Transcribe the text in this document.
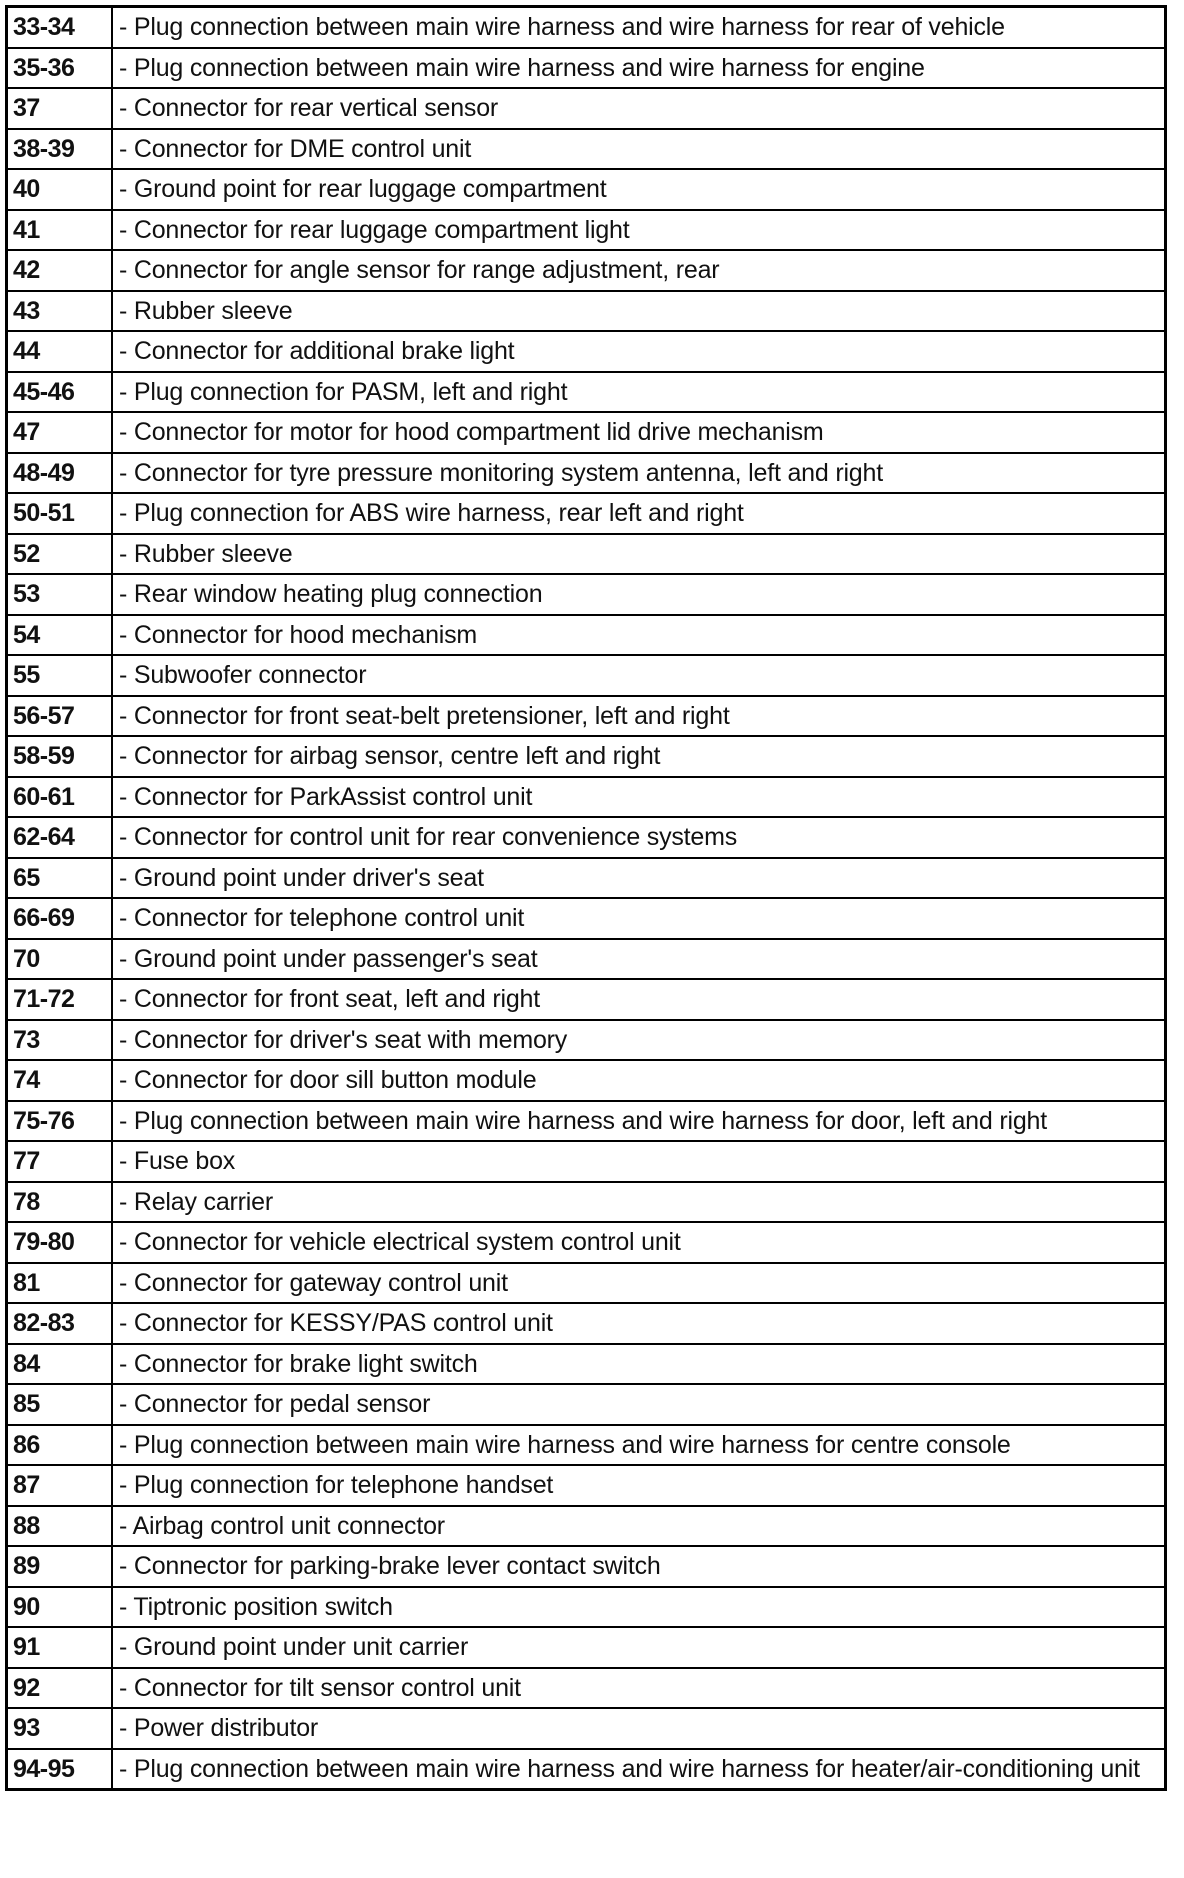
33-34	- Plug connection between main wire harness and wire harness for rear of vehicle
35-36	- Plug connection between main wire harness and wire harness for engine
37	- Connector for rear vertical sensor
38-39	- Connector for DME control unit
40	- Ground point for rear luggage compartment
41	- Connector for rear luggage compartment light
42	- Connector for angle sensor for range adjustment, rear
43	- Rubber sleeve
44	- Connector for additional brake light
45-46	- Plug connection for PASM, left and right
47	- Connector for motor for hood compartment lid drive mechanism
48-49	- Connector for tyre pressure monitoring system antenna, left and right
50-51	- Plug connection for ABS wire harness, rear left and right
52	- Rubber sleeve
53	- Rear window heating plug connection
54	- Connector for hood mechanism
55	- Subwoofer connector
56-57	- Connector for front seat-belt pretensioner, left and right
58-59	- Connector for airbag sensor, centre left and right
60-61	- Connector for ParkAssist control unit
62-64	- Connector for control unit for rear convenience systems
65	- Ground point under driver's seat
66-69	- Connector for telephone control unit
70	- Ground point under passenger's seat
71-72	- Connector for front seat, left and right
73	- Connector for driver's seat with memory
74	- Connector for door sill button module
75-76	- Plug connection between main wire harness and wire harness for door, left and right
77	- Fuse box
78	- Relay carrier
79-80	- Connector for vehicle electrical system control unit
81	- Connector for gateway control unit
82-83	- Connector for KESSY/PAS control unit
84	- Connector for brake light switch
85	- Connector for pedal sensor
86	- Plug connection between main wire harness and wire harness for centre console
87	- Plug connection for telephone handset
88	- Airbag control unit connector
89	- Connector for parking-brake lever contact switch
90	- Tiptronic position switch
91	- Ground point under unit carrier
92	- Connector for tilt sensor control unit
93	- Power distributor
94-95	- Plug connection between main wire harness and wire harness for heater/air-conditioning unit
